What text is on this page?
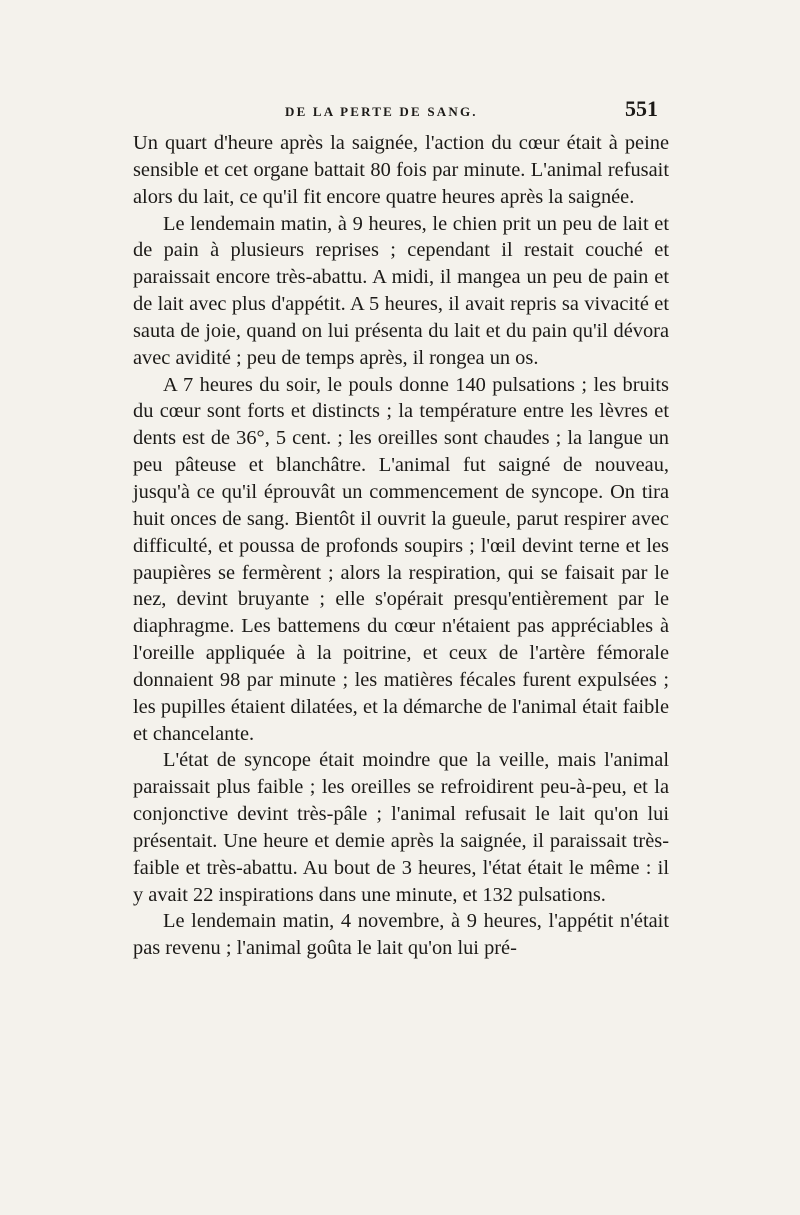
DE LA PERTE DE SANG.	551

Un quart d'heure après la saignée, l'action du cœur était à peine sensible et cet organe battait 80 fois par minute. L'animal refusait alors du lait, ce qu'il fit encore quatre heures après la saignée.

Le lendemain matin, à 9 heures, le chien prit un peu de lait et de pain à plusieurs reprises ; cependant il restait couché et paraissait encore très-abattu. A midi, il mangea un peu de pain et de lait avec plus d'appétit. A 5 heures, il avait repris sa vivacité et sauta de joie, quand on lui présenta du lait et du pain qu'il dévora avec avidité ; peu de temps après, il rongea un os.

A 7 heures du soir, le pouls donne 140 pulsations ; les bruits du cœur sont forts et distincts ; la température entre les lèvres et dents est de 36°, 5 cent. ; les oreilles sont chaudes ; la langue un peu pâteuse et blanchâtre. L'animal fut saigné de nouveau, jusqu'à ce qu'il éprouvât un commencement de syncope. On tira huit onces de sang. Bientôt il ouvrit la gueule, parut respirer avec difficulté, et poussa de profonds soupirs ; l'œil devint terne et les paupières se fermèrent ; alors la respiration, qui se faisait par le nez, devint bruyante ; elle s'opérait presqu'entièrement par le diaphragme. Les battemens du cœur n'étaient pas appréciables à l'oreille appliquée à la poitrine, et ceux de l'artère fémorale donnaient 98 par minute ; les matières fécales furent expulsées ; les pupilles étaient dilatées, et la démarche de l'animal était faible et chancelante.

L'état de syncope était moindre que la veille, mais l'animal paraissait plus faible ; les oreilles se refroidirent peu-à-peu, et la conjonctive devint très-pâle ; l'animal refusait le lait qu'on lui présentait. Une heure et demie après la saignée, il paraissait très-faible et très-abattu. Au bout de 3 heures, l'état était le même : il y avait 22 inspirations dans une minute, et 132 pulsations.

Le lendemain matin, 4 novembre, à 9 heures, l'appétit n'était pas revenu ; l'animal goûta le lait qu'on lui pré-
